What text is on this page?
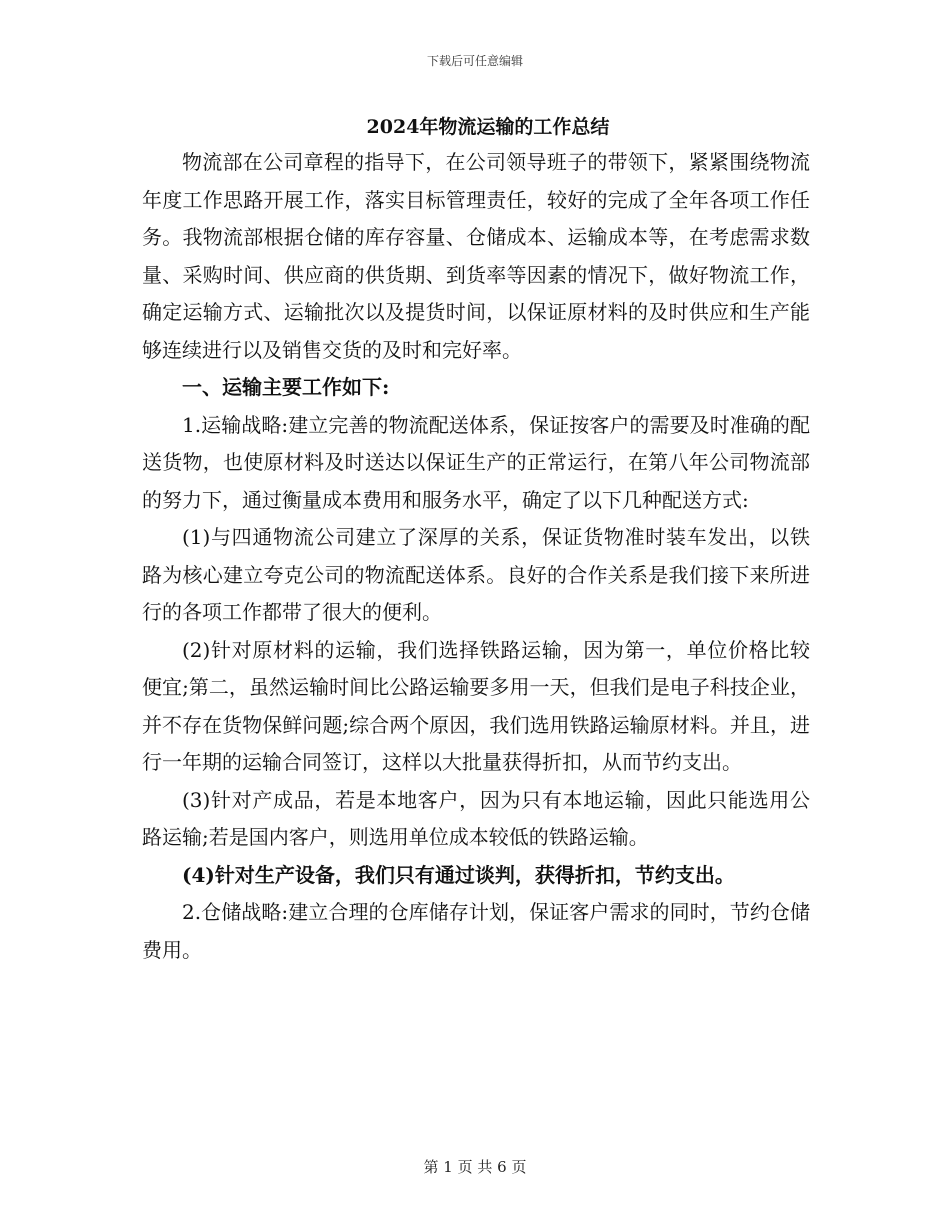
下载后可任意编辑
2024年物流运输的工作总结

物流部在公司章程的指导下，在公司领导班子的带领下，紧紧围绕物流年度工作思路开展工作，落实目标管理责任，较好的完成了全年各项工作任务。我物流部根据仓储的库存容量、仓储成本、运输成本等，在考虑需求数量、采购时间、供应商的供货期、到货率等因素的情况下，做好物流工作，确定运输方式、运输批次以及提货时间，以保证原材料的及时供应和生产能够连续进行以及销售交货的及时和完好率。

一、运输主要工作如下:

1.运输战略:建立完善的物流配送体系，保证按客户的需要及时准确的配送货物，也使原材料及时送达以保证生产的正常运行，在第八年公司物流部的努力下，通过衡量成本费用和服务水平，确定了以下几种配送方式:

(1)与四通物流公司建立了深厚的关系，保证货物准时装车发出，以铁路为核心建立夸克公司的物流配送体系。良好的合作关系是我们接下来所进行的各项工作都带了很大的便利。

(2)针对原材料的运输，我们选择铁路运输，因为第一，单位价格比较便宜;第二，虽然运输时间比公路运输要多用一天，但我们是电子科技企业，并不存在货物保鲜问题;综合两个原因，我们选用铁路运输原材料。并且，进行一年期的运输合同签订，这样以大批量获得折扣，从而节约支出。

(3)针对产成品，若是本地客户，因为只有本地运输，因此只能选用公路运输;若是国内客户，则选用单位成本较低的铁路运输。

(4)针对生产设备，我们只有通过谈判，获得折扣，节约支出。

2.仓储战略:建立合理的仓库储存计划，保证客户需求的同时，节约仓储费用。

第 1 页 共 6 页
